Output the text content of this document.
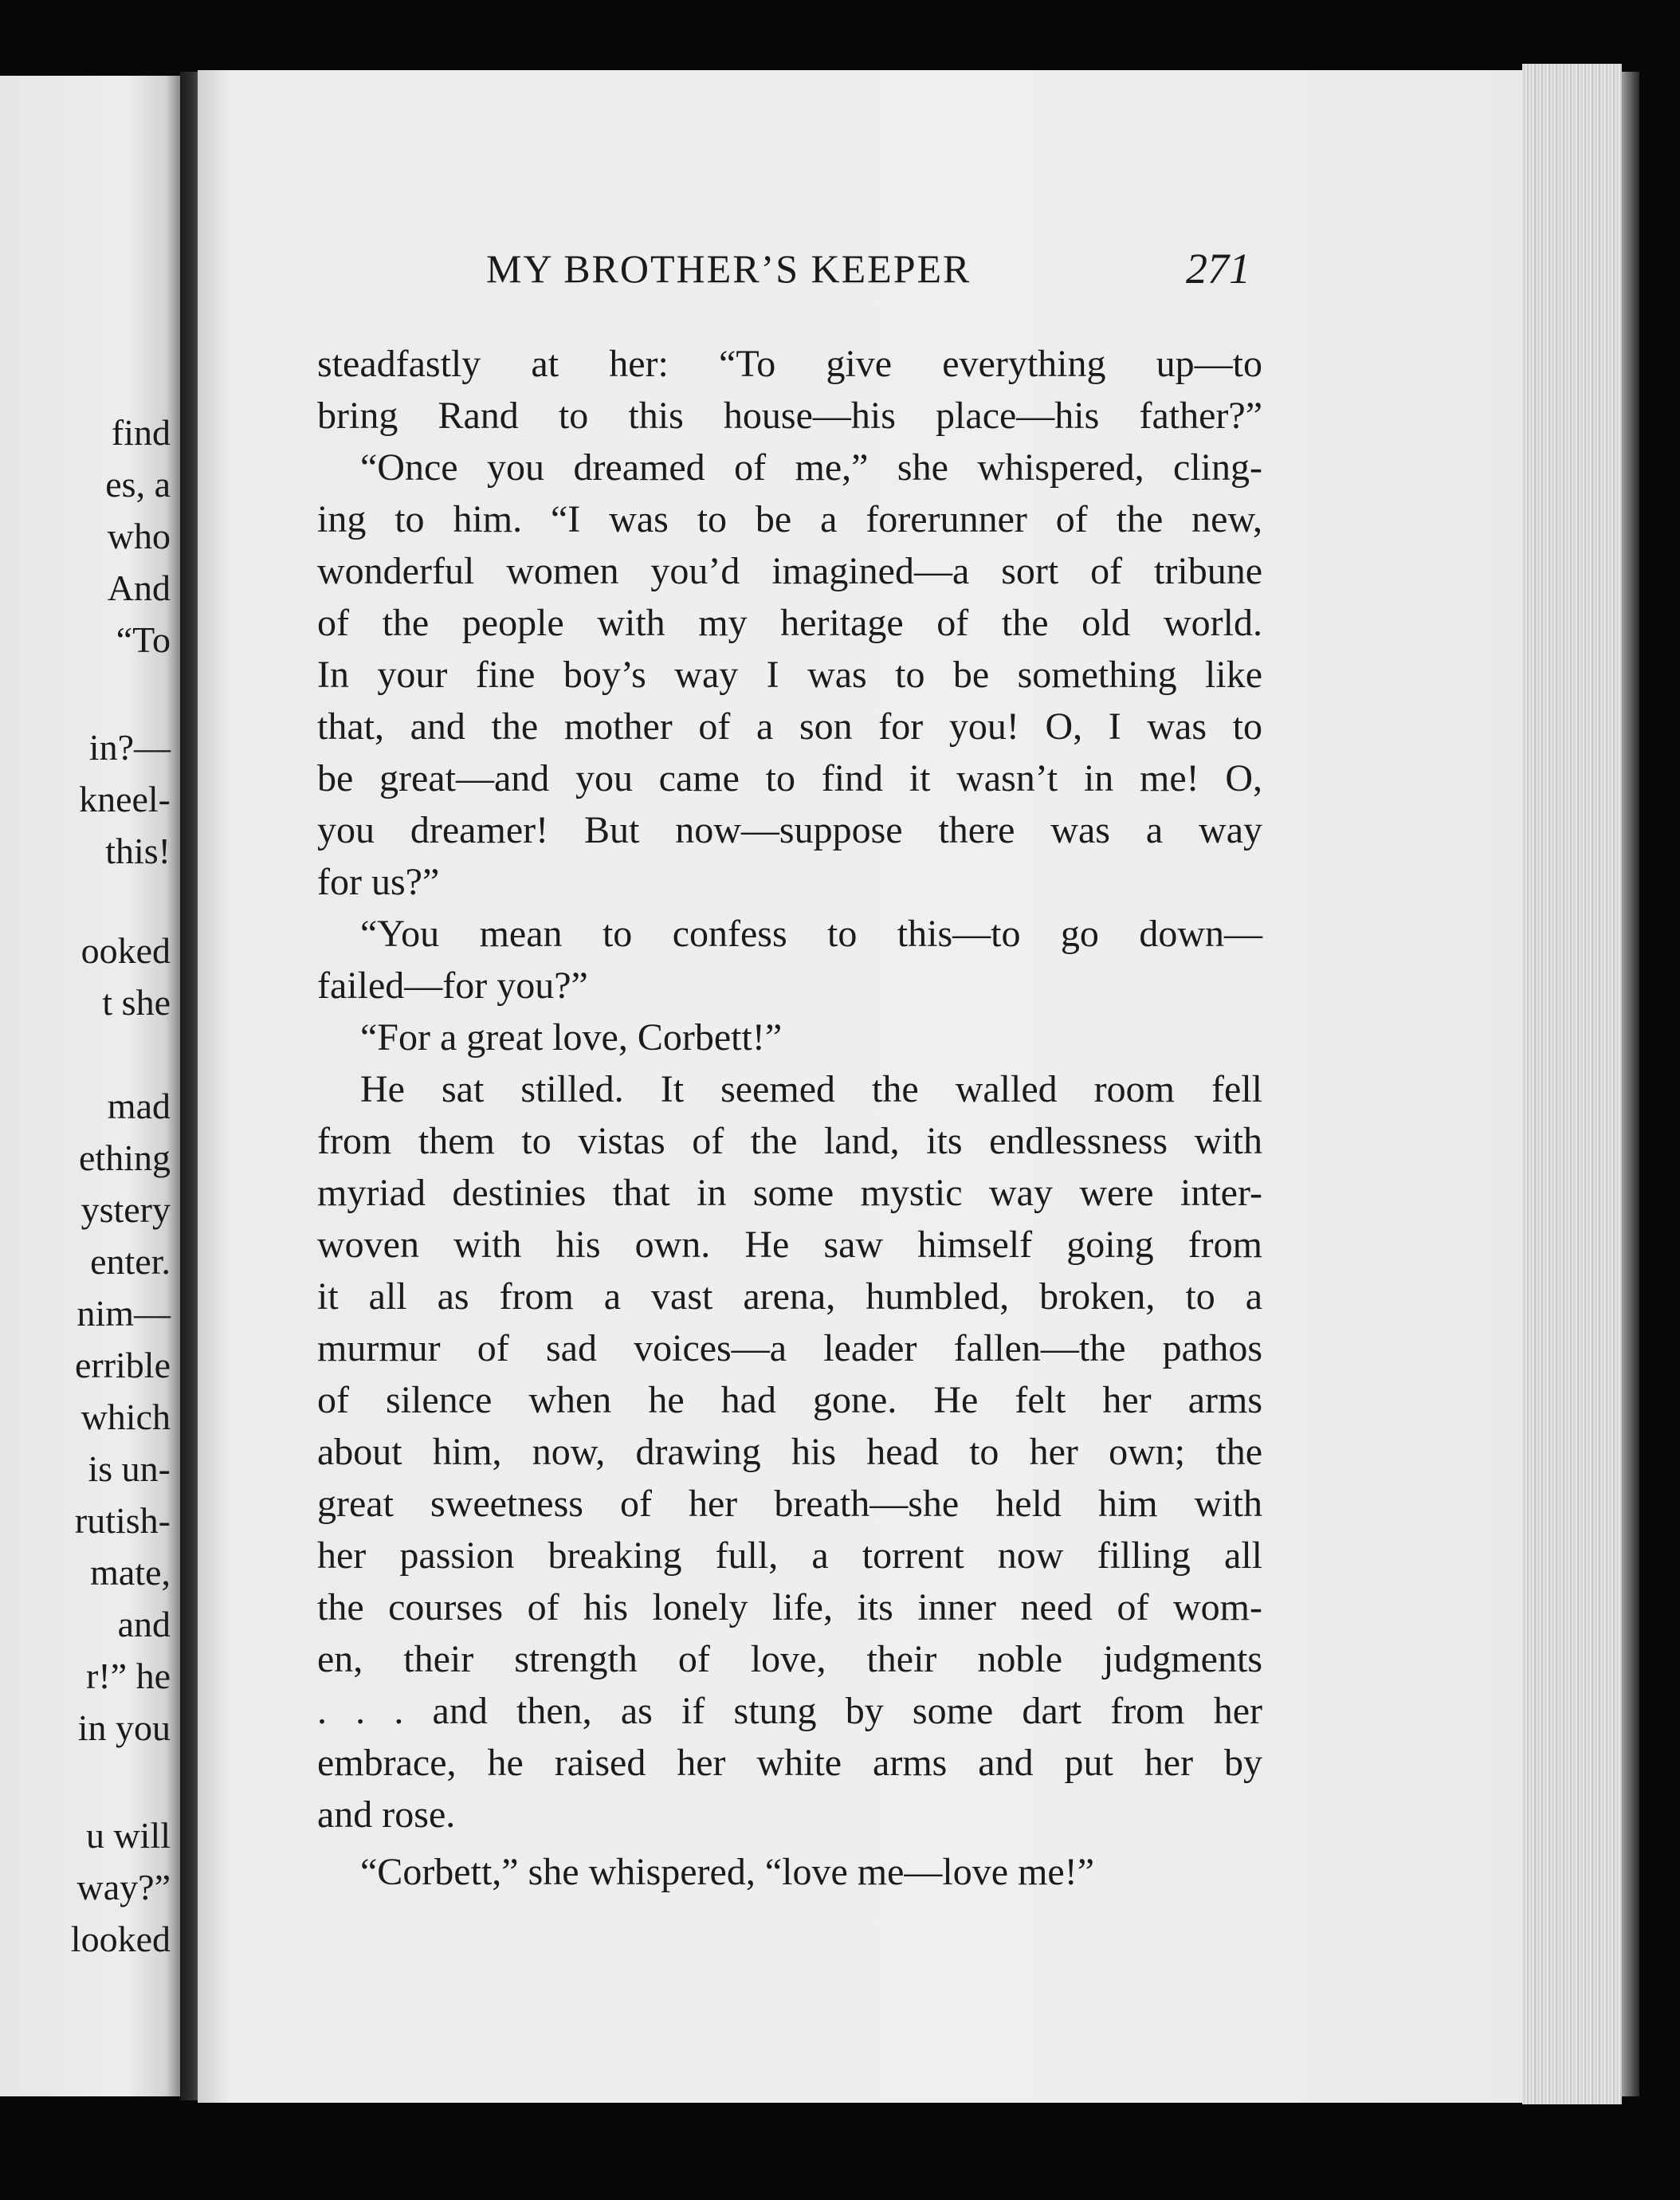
find
es, a
who
And
“To
in?—
kneel-
this!
ooked
t she
mad
ething
ystery
enter.
nim—
errible
which
is un-
rutish-
mate,
and
r!” he
in you
u will
way?”
looked
MY BROTHER’S KEEPER	271
steadfastly at her: “To give everything up—to
bring Rand to this house—his place—his father?”
“Once you dreamed of me,” she whispered, cling-
ing to him. “I was to be a forerunner of the new,
wonderful women you’d imagined—a sort of tribune
of the people with my heritage of the old world.
In your fine boy’s way I was to be something like
that, and the mother of a son for you! O, I was to
be great—and you came to find it wasn’t in me! O,
you dreamer! But now—suppose there was a way
for us?”
“You mean to confess to this—to go down—
failed—for you?”
“For a great love, Corbett!”
He sat stilled. It seemed the walled room fell
from them to vistas of the land, its endlessness with
myriad destinies that in some mystic way were inter-
woven with his own. He saw himself going from
it all as from a vast arena, humbled, broken, to a
murmur of sad voices—a leader fallen—the pathos
of silence when he had gone. He felt her arms
about him, now, drawing his head to her own; the
great sweetness of her breath—she held him with
her passion breaking full, a torrent now filling all
the courses of his lonely life, its inner need of wom-
en, their strength of love, their noble judgments
. . . and then, as if stung by some dart from her
embrace, he raised her white arms and put her by
and rose.
“Corbett,” she whispered, “love me—love me!”
